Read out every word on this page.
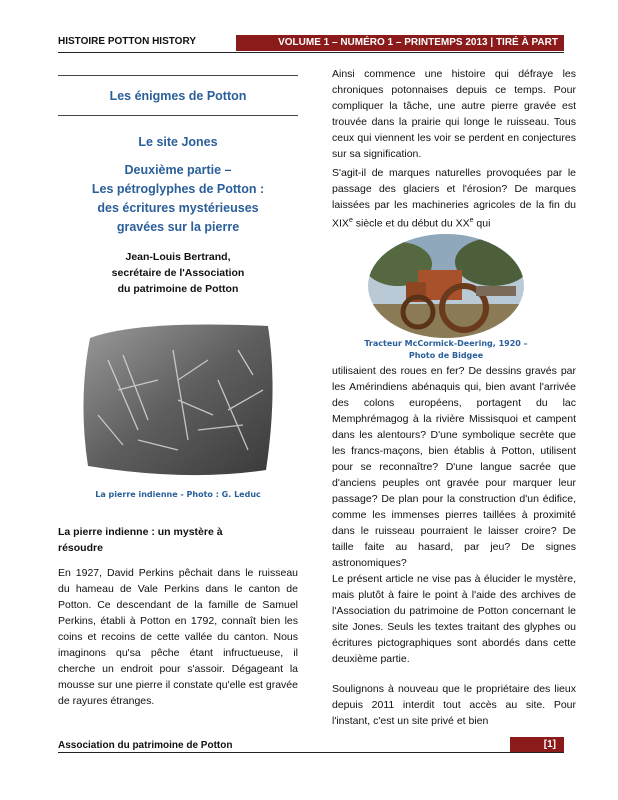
HISTOIRE POTTON HISTORY	VOLUME 1 – NUMÉRO 1 – PRINTEMPS 2013 | TIRÉ À PART
Les énigmes de Potton
Le site Jones
Deuxième partie –
Les pétroglyphes de Potton :
des écritures mystérieuses
gravées sur la pierre
Jean-Louis Bertrand,
secrétaire de l'Association
du patrimoine de Potton
La pierre indienne - Photo : G. Leduc
La pierre indienne : un mystère à
résoudre

En 1927, David Perkins pêchait dans le ruisseau du hameau de Vale Perkins dans le canton de Potton. Ce descendant de la famille de Samuel Perkins, établi à Potton en 1792, connaît bien les coins et recoins de cette vallée du canton. Nous imaginons qu'sa pêche étant infructueuse, il cherche un endroit pour s'assoir. Dégageant la mousse sur une pierre il constate qu'elle est gravée de rayures étranges.

Ainsi commence une histoire qui défraye les chroniques potonnaises depuis ce temps. Pour compliquer la tâche, une autre pierre gravée est trouvée dans la prairie qui longe le ruisseau. Tous ceux qui viennent les voir se perdent en conjectures sur sa signification.

S'agit-il de marques naturelles provoquées par le passage des glaciers et l'érosion? De marques laissées par les machineries agricoles de la fin du XIXe siècle et du début du XXe qui

Tracteur McCormick-Deering, 1920 –
Photo de Bidgee

utilisaient des roues en fer? De dessins gravés par les Amérindiens abénaquis qui, bien avant l'arrivée des colons européens, portagent du lac Memphrémagog à la rivière Missisquoi et campent dans les alentours? D'une symbolique secrète que les francs-maçons, bien établis à Potton, utilisent pour se reconnaître? D'une langue sacrée que d'anciens peuples ont gravée pour marquer leur passage? De plan pour la construction d'un édifice, comme les immenses pierres taillées à proximité dans le ruisseau pourraient le laisser croire? De taille faite au hasard, par jeu? De signes astronomiques?

Le présent article ne vise pas à élucider le mystère, mais plutôt à faire le point à l'aide des archives de l'Association du patrimoine de Potton concernant le site Jones. Seuls les textes traitant des glyphes ou écritures pictographiques sont abordés dans cette deuxième partie.

Soulignons à nouveau que le propriétaire des lieux depuis 2011 interdit tout accès au site. Pour l'instant, c'est un site privé et bien

Association du patrimoine de Potton	[1]
